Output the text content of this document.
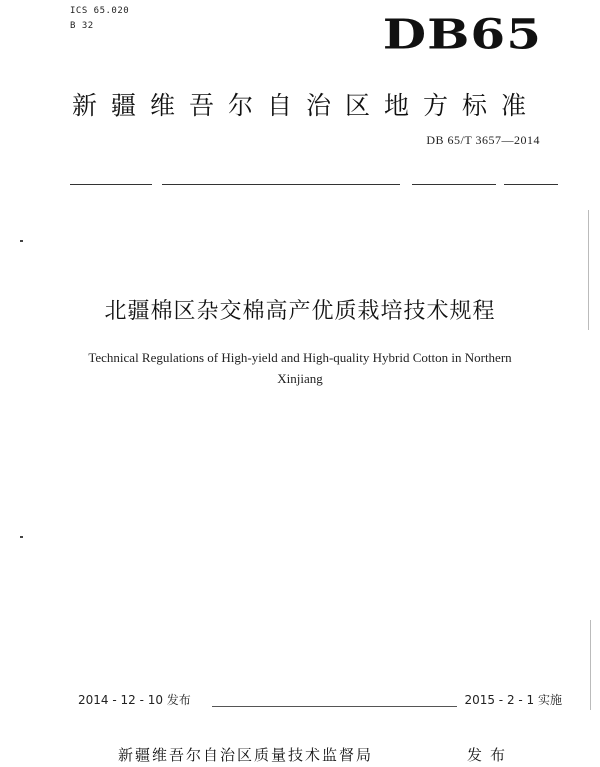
ICS 65.020
B 32	DB65
新疆维吾尔自治区地方标准
DB 65/T 3657—2014
北疆棉区杂交棉高产优质栽培技术规程
Technical Regulations of High-yield and High-quality Hybrid Cotton in Northern
Xinjiang
2014 - 12 - 10 发布	2015 - 2 - 1 实施
新疆维吾尔自治区质量技术监督局	发布
